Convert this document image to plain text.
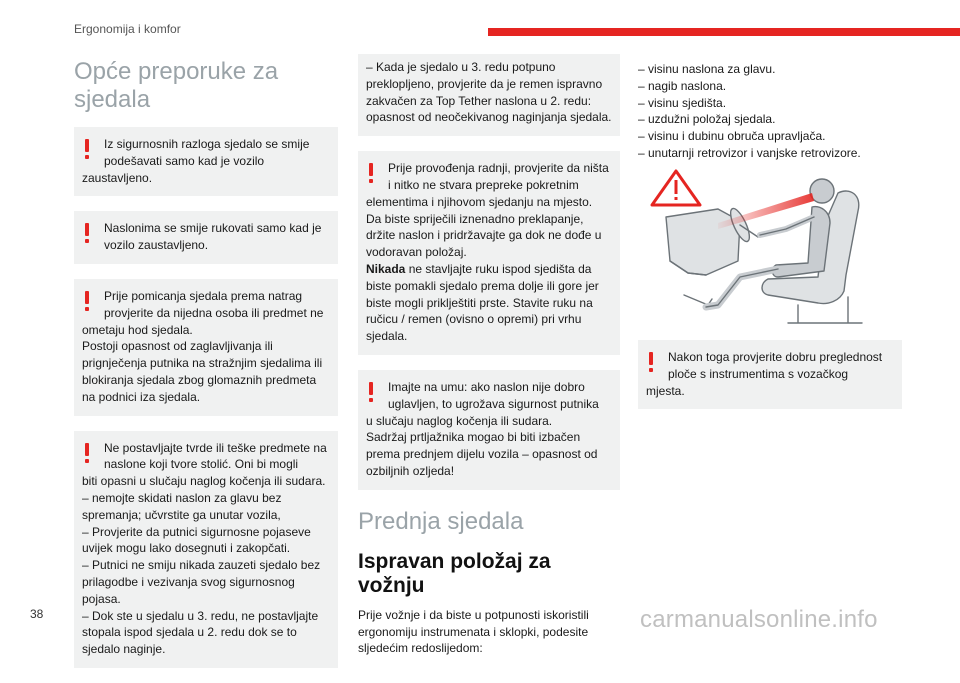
Ergonomija i komfor
Opće preporuke za sjedala
Iz sigurnosnih razloga sjedalo se smije podešavati samo kad je vozilo
zaustavljeno.
Naslonima se smije rukovati samo kad je vozilo zaustavljeno.
Prije pomicanja sjedala prema natrag provjerite da nijedna osoba ili predmet ne
ometaju hod sjedala.
Postoji opasnost od zaglavljivanja ili prignječenja putnika na stražnjim sjedalima ili blokiranja sjedala zbog glomaznih predmeta na podnici iza sjedala.
Ne postavljajte tvrde ili teške predmete na naslone koji tvore stolić. Oni bi mogli
biti opasni u slučaju naglog kočenja ili sudara.
– nemojte skidati naslon za glavu bez spremanja; učvrstite ga unutar vozila,
– Provjerite da putnici sigurnosne pojaseve uvijek mogu lako dosegnuti i zakopčati.
– Putnici ne smiju nikada zauzeti sjedalo bez prilagodbe i vezivanja svog sigurnosnog pojasa.
– Dok ste u sjedalu u 3. redu, ne postavljajte stopala ispod sjedala u 2. redu dok se to sjedalo naginje.
– Kada je sjedalo u 3. redu potpuno preklopljeno, provjerite da je remen ispravno zakvačen za Top Tether naslona u 2. redu: opasnost od neočekivanog naginjanja sjedala.
Prije provođenja radnji, provjerite da ništa i nitko ne stvara prepreke pokretnim
elementima i njihovom sjedanju na mjesto.
Da biste spriječili iznenadno preklapanje, držite naslon i pridržavajte ga dok ne dođe u vodoravan položaj.
Nikada ne stavljajte ruku ispod sjedišta da biste pomakli sjedalo prema dolje ili gore jer biste mogli priklještiti prste. Stavite ruku na ručicu / remen (ovisno o opremi) pri vrhu sjedala.
Imajte na umu: ako naslon nije dobro uglavljen, to ugrožava sigurnost putnika
u slučaju naglog kočenja ili sudara.
Sadržaj prtljažnika mogao bi biti izbačen prema prednjem dijelu vozila – opasnost od ozbiljnih ozljeda!
Prednja sjedala
Ispravan položaj za vožnju

Prije vožnje i da biste u potpunosti iskoristili ergonomiju instrumenata i sklopki, podesite sljedećim redoslijedom:

– visinu naslona za glavu.
– nagib naslona.
– visinu sjedišta.
– uzdužni položaj sjedala.
– visinu i dubinu obruča upravljača.
– unutarnji retrovizor i vanjske retrovizore.
Nakon toga provjerite dobru preglednost ploče s instrumentima s vozačkog
mjesta.
38	carmanualsonline.info
